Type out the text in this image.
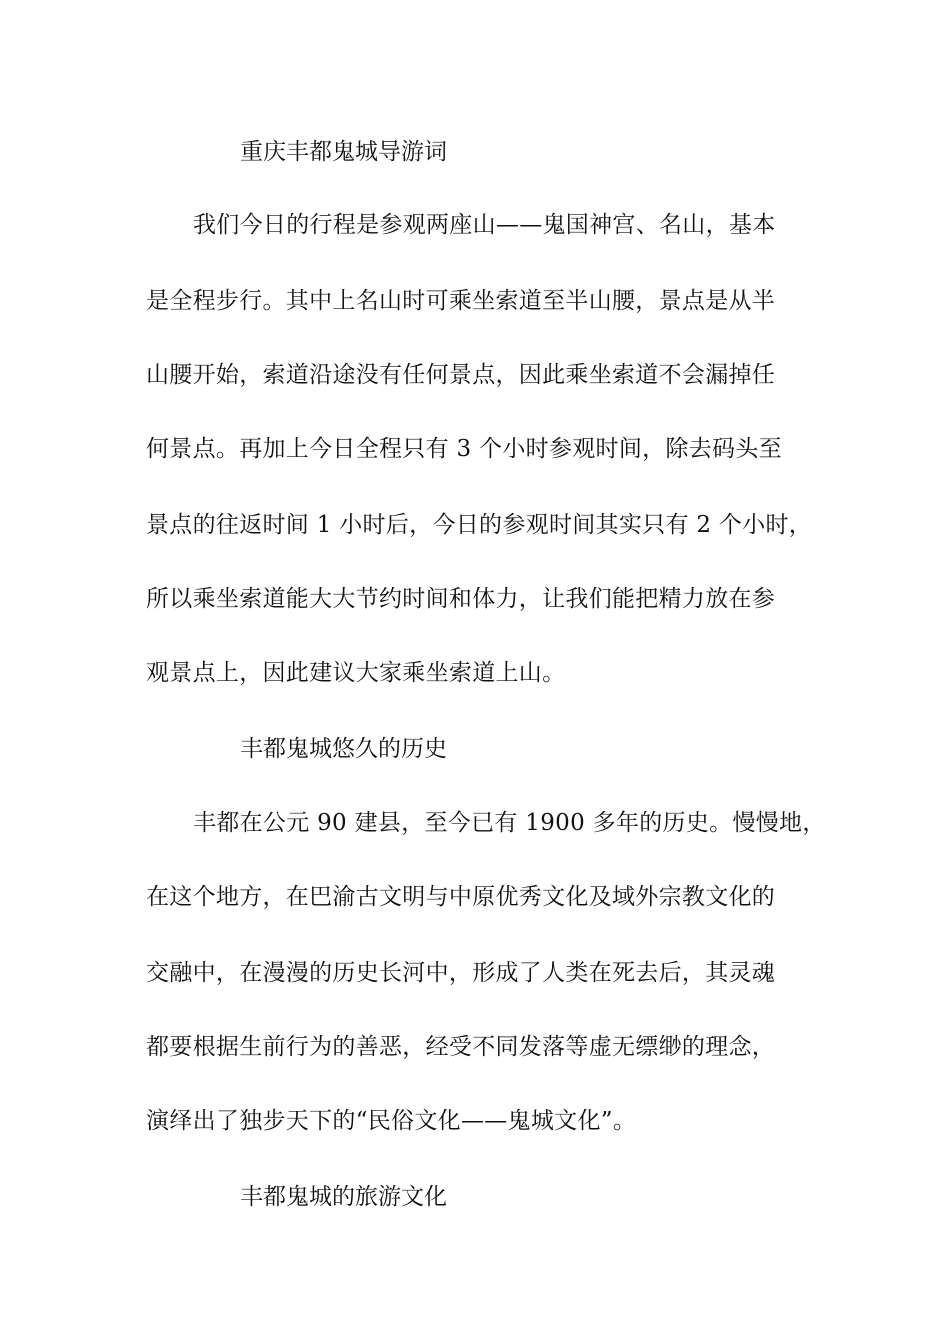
重庆丰都鬼城导游词
我们今日的行程是参观两座山——鬼国神宫、名山，基本
是全程步行。其中上名山时可乘坐索道至半山腰，景点是从半
山腰开始，索道沿途没有任何景点，因此乘坐索道不会漏掉任
何景点。再加上今日全程只有 3 个小时参观时间，除去码头至
景点的往返时间 1 小时后，今日的参观时间其实只有 2 个小时，
所以乘坐索道能大大节约时间和体力，让我们能把精力放在参
观景点上，因此建议大家乘坐索道上山。
丰都鬼城悠久的历史
丰都在公元 90 建县，至今已有 1900 多年的历史。慢慢地，
在这个地方，在巴渝古文明与中原优秀文化及域外宗教文化的
交融中，在漫漫的历史长河中，形成了人类在死去后，其灵魂
都要根据生前行为的善恶，经受不同发落等虚无缥缈的理念，
演绎出了独步天下的“民俗文化——鬼城文化”。
丰都鬼城的旅游文化
